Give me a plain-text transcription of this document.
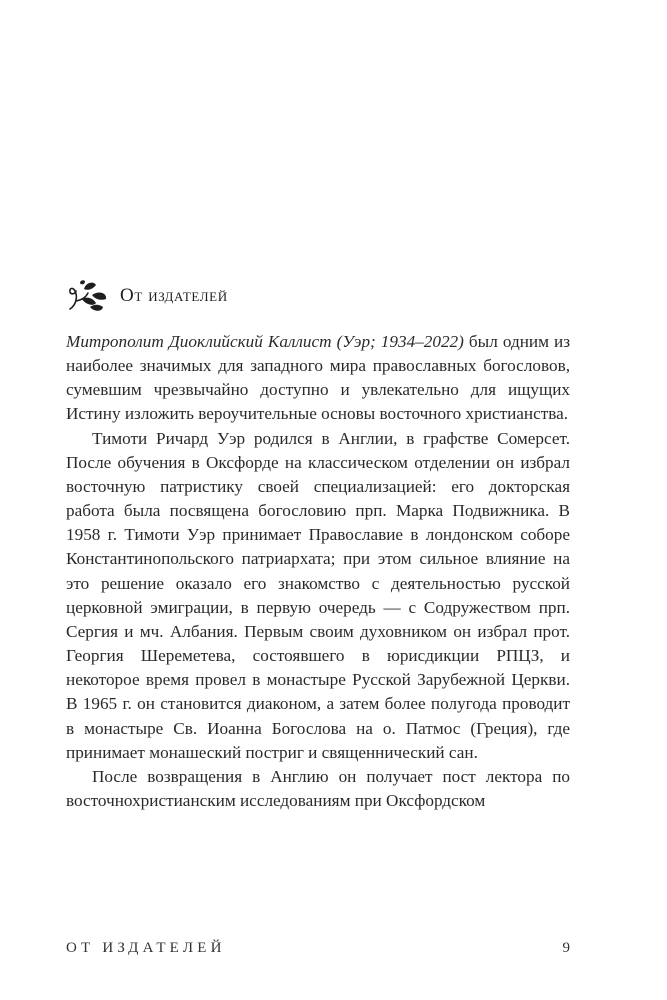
От издателей

Митрополит Диоклийский Каллист (Уэр; 1934–2022) был одним из наиболее значимых для западного мира православных богословов, сумевшим чрезвычайно доступно и увлекательно для ищущих Истину изложить вероучительные основы восточного христианства.

Тимоти Ричард Уэр родился в Англии, в графстве Сомерсет. После обучения в Оксфорде на классическом отделении он избрал восточную патристику своей специализацией: его докторская работа была посвящена богословию прп. Марка Подвижника. В 1958 г. Тимоти Уэр принимает Православие в лондонском соборе Константинопольского патриархата; при этом сильное влияние на это решение оказало его знакомство с деятельностью русской церковной эмиграции, в первую очередь — с Содружеством прп. Сергия и мч. Албания. Первым своим духовником он избрал прот. Георгия Шереметева, состоявшего в юрисдикции РПЦЗ, и некоторое время провел в монастыре Русской Зарубежной Церкви. В 1965 г. он становится диаконом, а затем более полугода проводит в монастыре Св. Иоанна Богослова на о. Патмос (Греция), где принимает монашеский постриг и священнический сан.

После возвращения в Англию он получает пост лектора по восточнохристианским исследованиям при Оксфордском

ОТ ИЗДАТЕЛЕЙ	9
